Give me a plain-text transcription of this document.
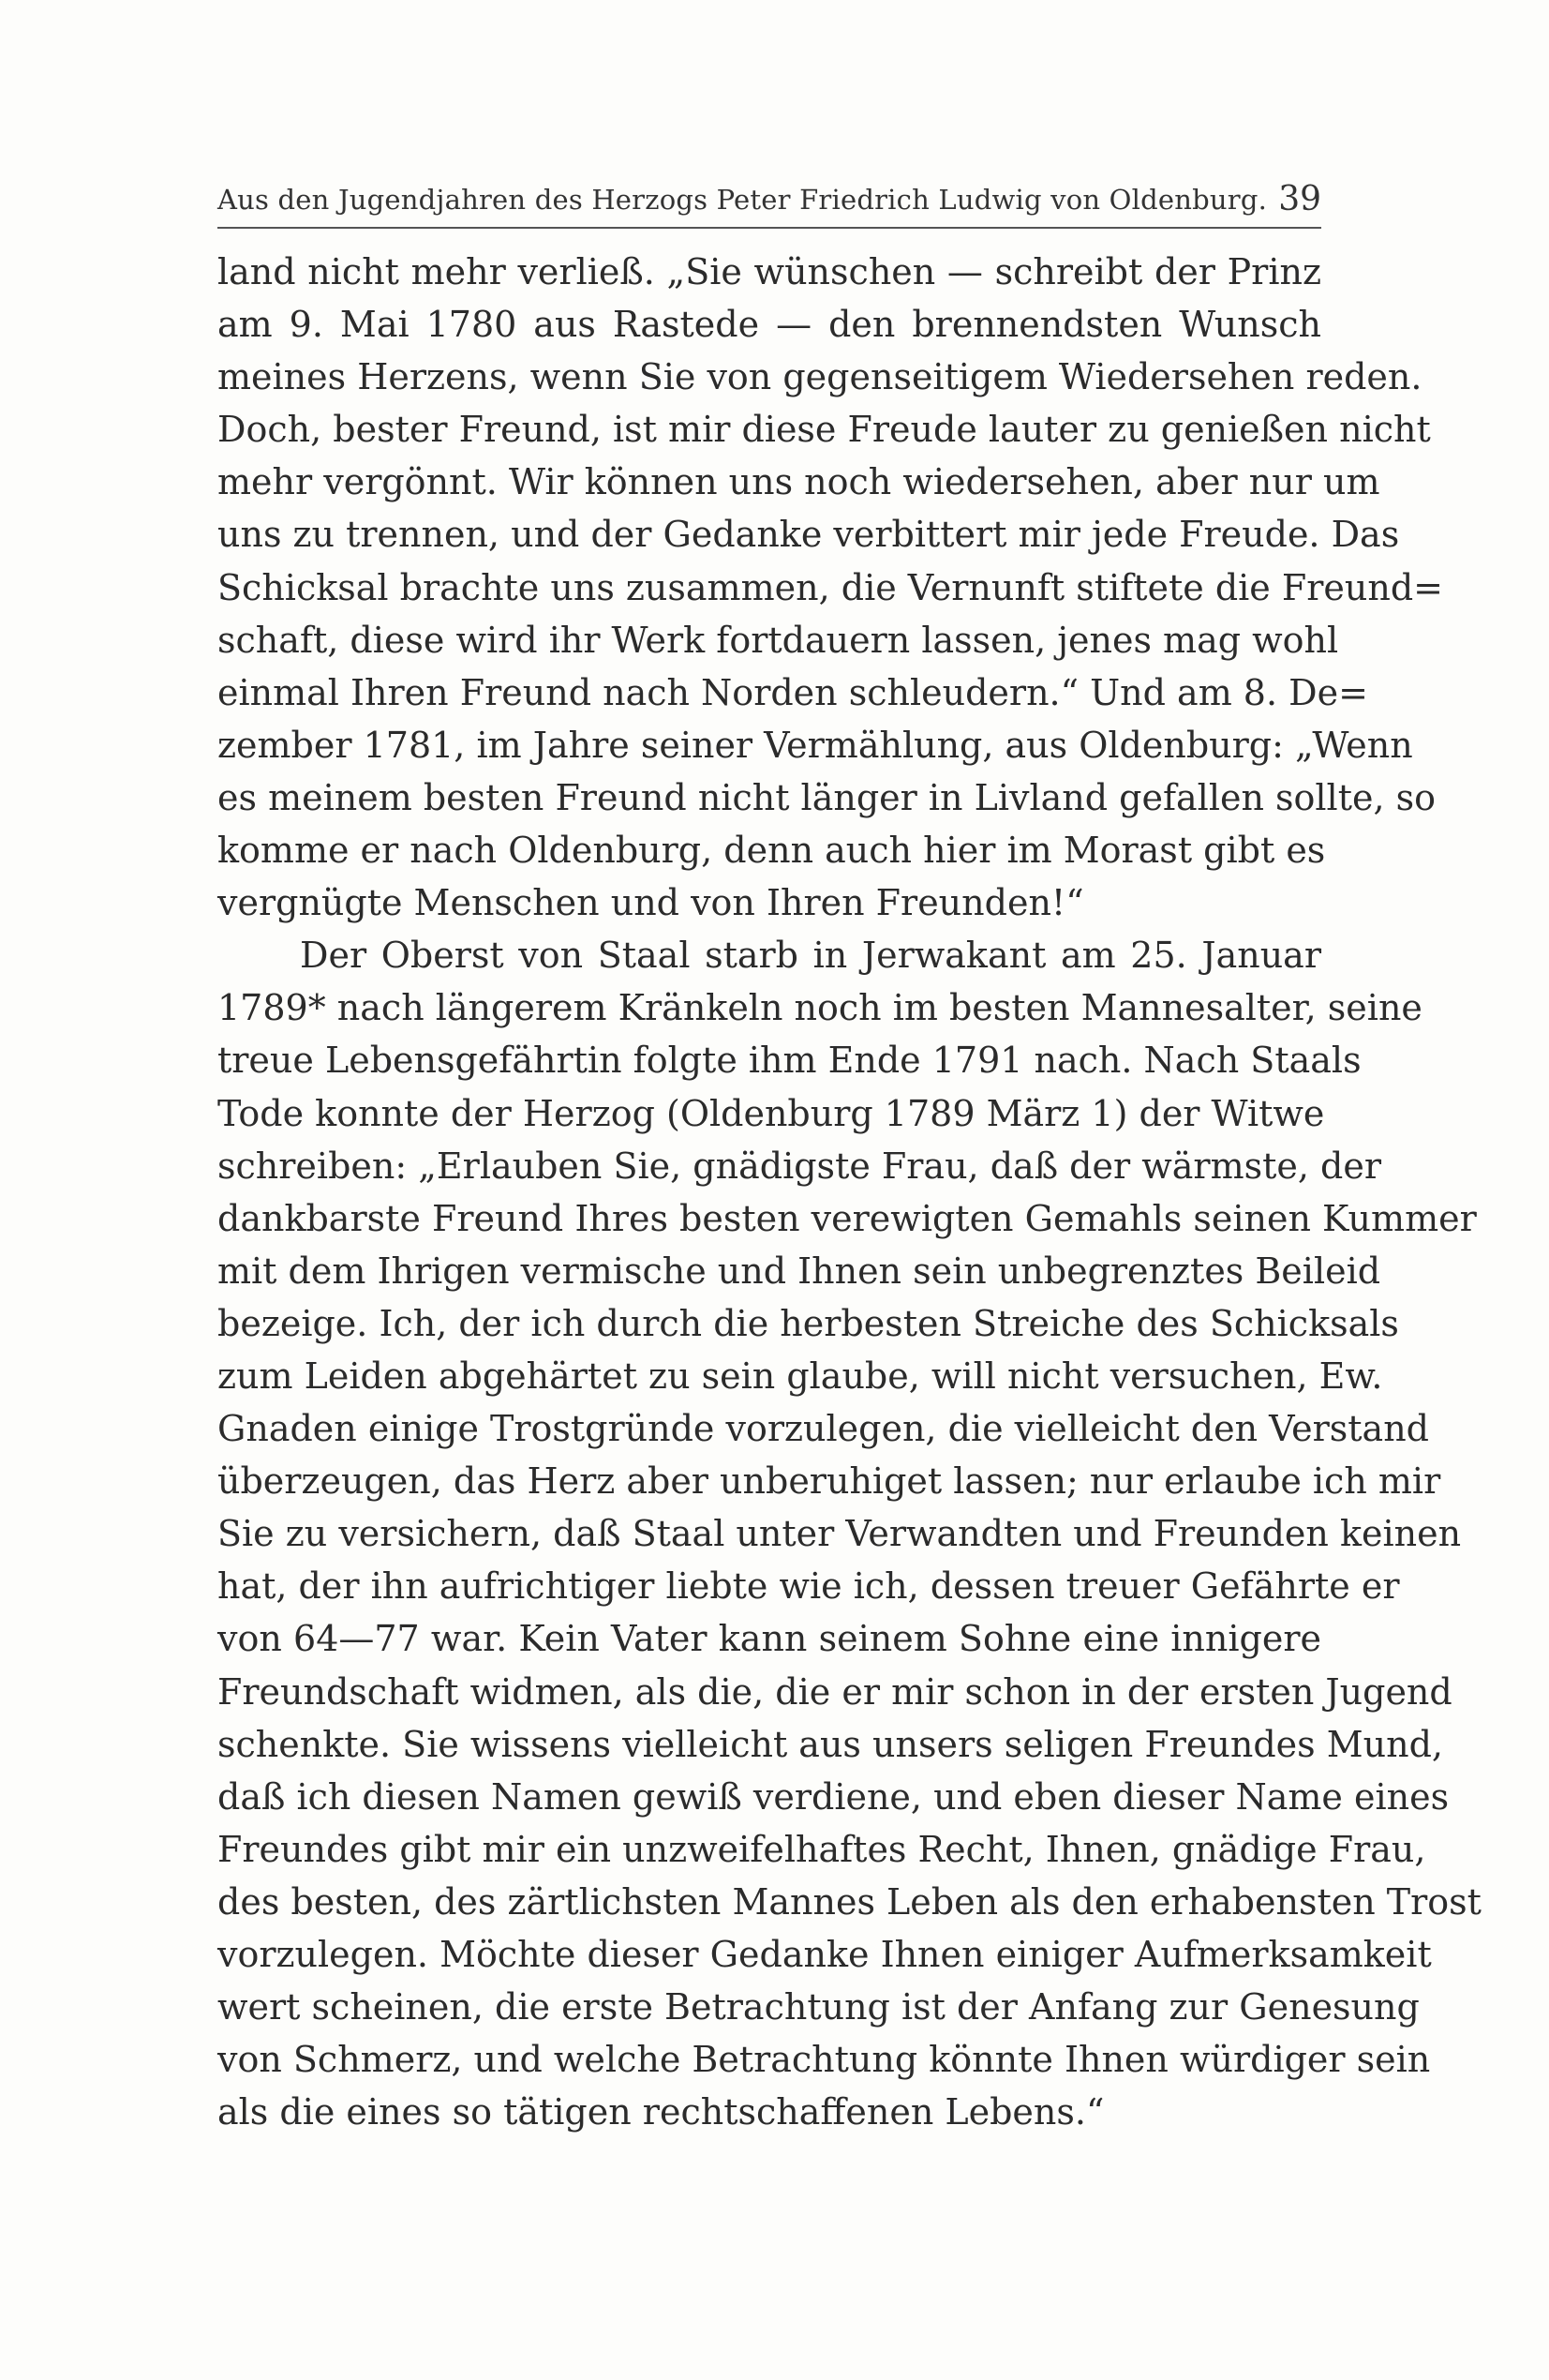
Aus den Jugendjahren des Herzogs Peter Friedrich Ludwig von Oldenburg. 39
land nicht mehr verließ. „Sie wünschen — schreibt der Prinz
am 9. Mai 1780 aus Rastede — den brennendsten Wunsch
meines Herzens, wenn Sie von gegenseitigem Wiedersehen reden.
Doch, bester Freund, ist mir diese Freude lauter zu genießen nicht
mehr vergönnt. Wir können uns noch wiedersehen, aber nur um
uns zu trennen, und der Gedanke verbittert mir jede Freude. Das
Schicksal brachte uns zusammen, die Vernunft stiftete die Freund=
schaft, diese wird ihr Werk fortdauern lassen, jenes mag wohl
einmal Ihren Freund nach Norden schleudern.“ Und am 8. De=
zember 1781, im Jahre seiner Vermählung, aus Oldenburg: „Wenn
es meinem besten Freund nicht länger in Livland gefallen sollte, so
komme er nach Oldenburg, denn auch hier im Morast gibt es
vergnügte Menschen und von Ihren Freunden!“
Der Oberst von Staal starb in Jerwakant am 25. Januar
1789* nach längerem Kränkeln noch im besten Mannesalter, seine
treue Lebensgefährtin folgte ihm Ende 1791 nach. Nach Staals
Tode konnte der Herzog (Oldenburg 1789 März 1) der Witwe
schreiben: „Erlauben Sie, gnädigste Frau, daß der wärmste, der
dankbarste Freund Ihres besten verewigten Gemahls seinen Kummer
mit dem Ihrigen vermische und Ihnen sein unbegrenztes Beileid
bezeige. Ich, der ich durch die herbesten Streiche des Schicksals
zum Leiden abgehärtet zu sein glaube, will nicht versuchen, Ew.
Gnaden einige Trostgründe vorzulegen, die vielleicht den Verstand
überzeugen, das Herz aber unberuhiget lassen; nur erlaube ich mir
Sie zu versichern, daß Staal unter Verwandten und Freunden keinen
hat, der ihn aufrichtiger liebte wie ich, dessen treuer Gefährte er
von 64—77 war. Kein Vater kann seinem Sohne eine innigere
Freundschaft widmen, als die, die er mir schon in der ersten Jugend
schenkte. Sie wissens vielleicht aus unsers seligen Freundes Mund,
daß ich diesen Namen gewiß verdiene, und eben dieser Name eines
Freundes gibt mir ein unzweifelhaftes Recht, Ihnen, gnädige Frau,
des besten, des zärtlichsten Mannes Leben als den erhabensten Trost
vorzulegen. Möchte dieser Gedanke Ihnen einiger Aufmerksamkeit
wert scheinen, die erste Betrachtung ist der Anfang zur Genesung
von Schmerz, und welche Betrachtung könnte Ihnen würdiger sein
als die eines so tätigen rechtschaffenen Lebens.“
